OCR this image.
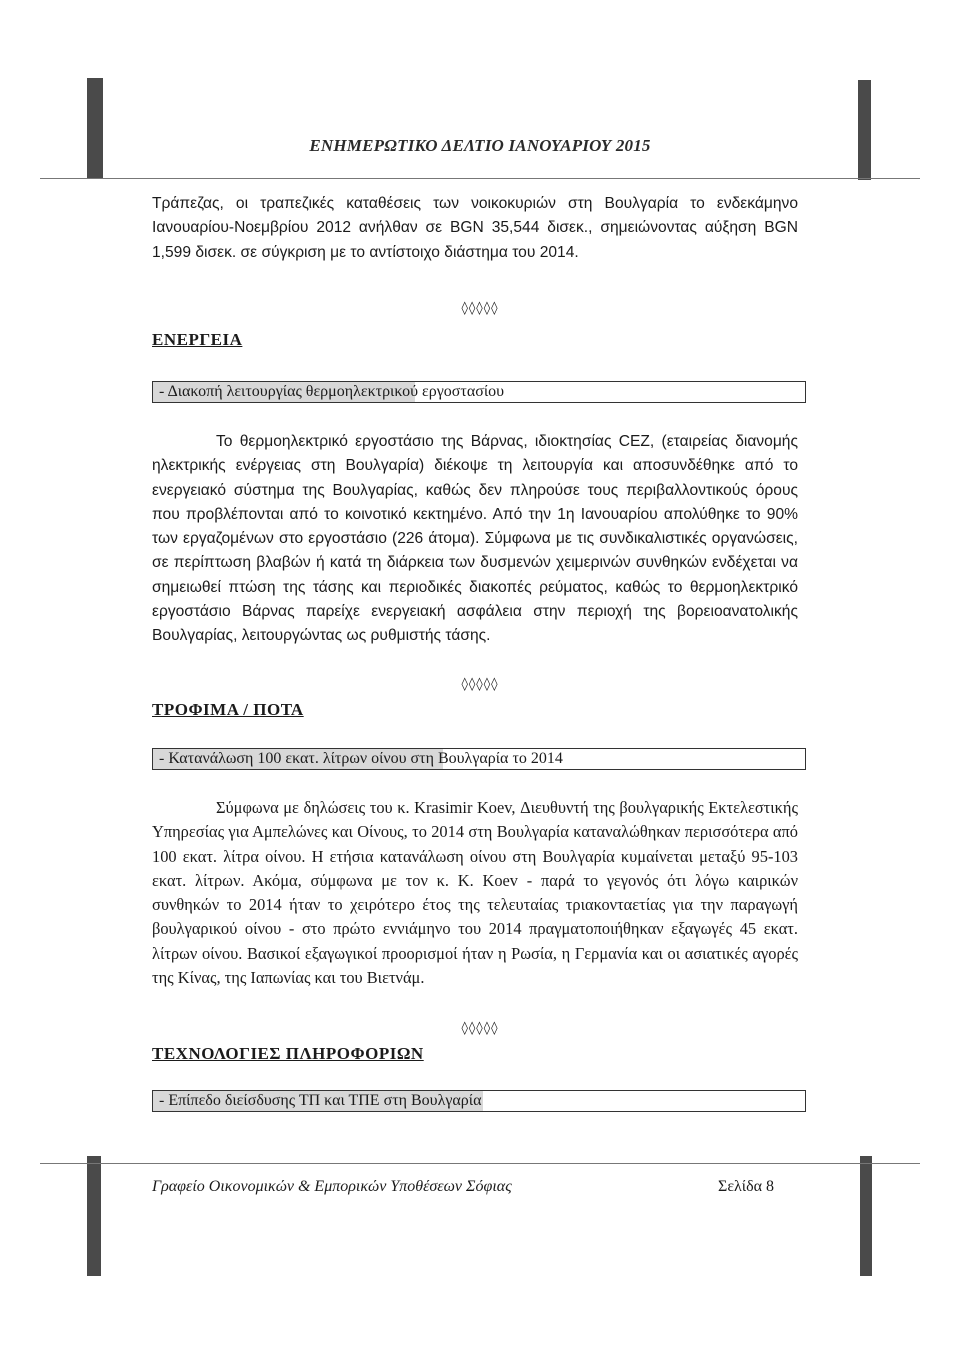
ΕΝΗΜΕΡΩΤΙΚΟ ΔΕΛΤΙΟ ΙΑΝΟΥΑΡΙΟΥ 2015

Τράπεζας, οι τραπεζικές καταθέσεις των νοικοκυριών στη Βουλγαρία το ενδεκάμηνο Ιανουαρίου-Νοεμβρίου 2012 ανήλθαν σε BGN 35,544 δισεκ., σημειώνοντας αύξηση BGN 1,599 δισεκ. σε σύγκριση με το αντίστοιχο διάστημα του 2014.

◊◊◊◊◊
ΕΝΕΡΓΕΙΑ
- Διακοπή λειτουργίας θερμοηλεκτρικού εργοστασίου

Το θερμοηλεκτρικό εργοστάσιο της Βάρνας, ιδιοκτησίας CEZ, (εταιρείας διανομής ηλεκτρικής ενέργειας στη Βουλγαρία) διέκοψε τη λειτουργία και αποσυνδέθηκε από το ενεργειακό σύστημα της Βουλγαρίας, καθώς δεν πληρούσε τους περιβαλλοντικούς όρους που προβλέπονται από το κοινοτικό κεκτημένο. Από την 1η Ιανουαρίου απολύθηκε το 90% των εργαζομένων στο εργοστάσιο (226 άτομα). Σύμφωνα με τις συνδικαλιστικές οργανώσεις, σε περίπτωση βλαβών ή κατά τη διάρκεια των δυσμενών χειμερινών συνθηκών ενδέχεται να σημειωθεί πτώση της τάσης και περιοδικές διακοπές ρεύματος, καθώς το θερμοηλεκτρικό εργοστάσιο Βάρνας παρείχε ενεργειακή ασφάλεια στην περιοχή της βορειοανατολικής Βουλγαρίας, λειτουργώντας ως ρυθμιστής τάσης.

◊◊◊◊◊
ΤΡΟΦΙΜΑ / ΠΟΤΑ
- Κατανάλωση 100 εκατ. λίτρων οίνου στη Βουλγαρία το 2014

Σύμφωνα με δηλώσεις του κ. Krasimir Koev, Διευθυντή της βουλγαρικής Εκτελεστικής Υπηρεσίας για Αμπελώνες και Οίνους, το 2014 στη Βουλγαρία καταναλώθηκαν περισσότερα από 100 εκατ. λίτρα οίνου. Η ετήσια κατανάλωση οίνου στη Βουλγαρία κυμαίνεται μεταξύ 95-103 εκατ. λίτρων. Ακόμα, σύμφωνα με τον κ. Κ. Koev - παρά το γεγονός ότι λόγω καιρικών συνθηκών το 2014 ήταν το χειρότερο έτος της τελευταίας τριακονταετίας για την παραγωγή βουλγαρικού οίνου - στο πρώτο εννιάμηνο του 2014 πραγματοποιήθηκαν εξαγωγές 45 εκατ. λίτρων οίνου. Βασικοί εξαγωγικοί προορισμοί ήταν η Ρωσία, η Γερμανία και οι ασιατικές αγορές της Κίνας, της Ιαπωνίας και του Βιετνάμ.

◊◊◊◊◊
ΤΕΧΝΟΛΟΓΙΕΣ ΠΛΗΡΟΦΟΡΙΩΝ
- Επίπεδο διείσδυσης ΤΠ και ΤΠΕ στη Βουλγαρία
Γραφείο Οικονομικών & Εμπορικών Υποθέσεων Σόφιας	Σελίδα 8
